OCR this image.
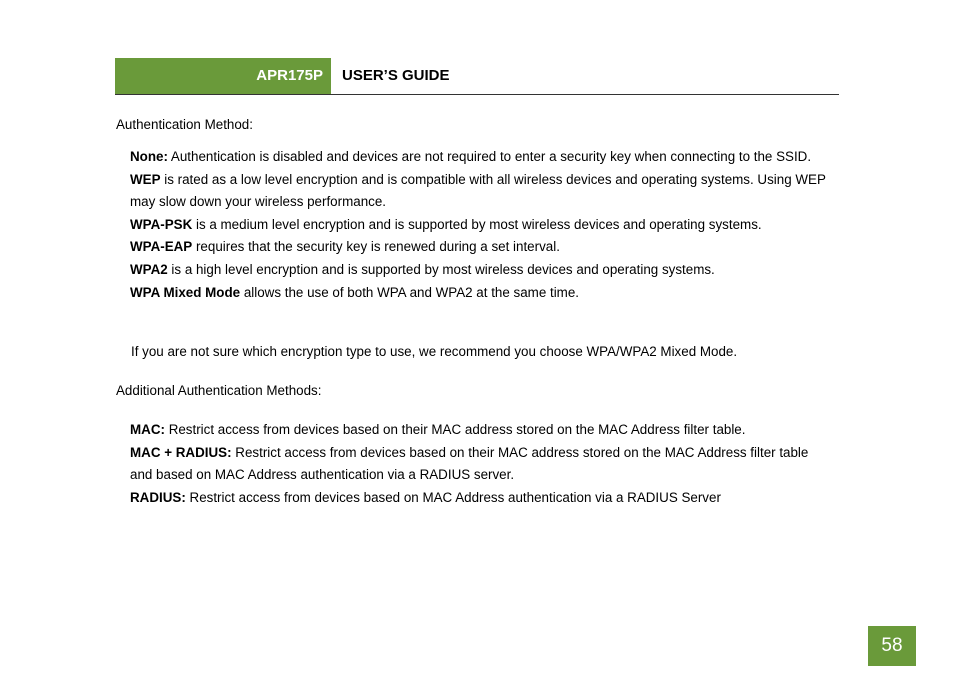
APR175P USER’S GUIDE
Authentication Method:

None: Authentication is disabled and devices are not required to enter a security key when connecting to the SSID.

WEP is rated as a low level encryption and is compatible with all wireless devices and operating systems. Using WEP may slow down your wireless performance.

WPA-PSK is a medium level encryption and is supported by most wireless devices and operating systems.

WPA-EAP requires that the security key is renewed during a set interval.

WPA2 is a high level encryption and is supported by most wireless devices and operating systems.

WPA Mixed Mode allows the use of both WPA and WPA2 at the same time.

If you are not sure which encryption type to use, we recommend you choose WPA/WPA2 Mixed Mode.

Additional Authentication Methods:

MAC: Restrict access from devices based on their MAC address stored on the MAC Address filter table.

MAC + RADIUS: Restrict access from devices based on their MAC address stored on the MAC Address filter table and based on MAC Address authentication via a RADIUS server.

RADIUS: Restrict access from devices based on MAC Address authentication via a RADIUS Server

58
